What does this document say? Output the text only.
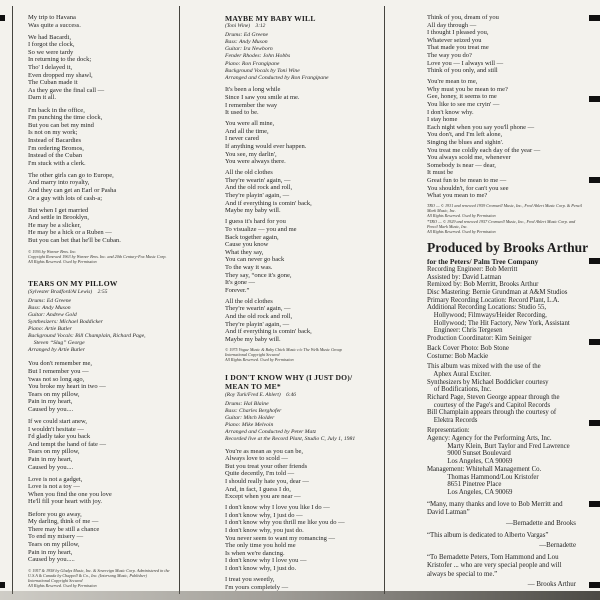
My trip to Havana
Was quite a success.
We had Bacardi,
I forgot the clock,
So we were tardy
In returning to the dock;
Tho' I delayed it,
Even dropped my shawl,
The Cuban made it
As they gave the final call —
Darn it all.
I'm back in the office,
I'm punching the time clock,
But you can bet my mind
Is not on my work;
Instead of Bacardies
I'm ordering Bromos,
Instead of the Cuban
I'm stuck with a clerk.
The other girls can go to Europe,
And marry into royalty,
And they can get an Earl or Pasha
Or a guy with lots of cash-a;
But when I get married
And settle in Brooklyn,
He may be a slicker,
He may be a hick or a Ruben —
But you can bet that he'll be Cuban.
© 1936 by Warner Bros. Inc.
Copyright Renewed 1963 by Warner Bros. Inc. and 20th Century-Fox Music Corp.
All Rights Reserved. Used by Permission
TEARS ON MY PILLOW
(Sylvester Bradford/Al Lewis)    2:55
Drums: Ed Greene
Bass: Andy Muson
Guitar: Andrew Gold
Synthesizers: Michael Boddicker
Piano: Artie Butler
Background Vocals: Bill Champlain, Richard Page,
Steven “Slug” George
Arranged by Artie Butler
You don't remember me,
But I remember you —
'twas not so long ago,
You broke my heart in two —
Tears on my pillow,
Pain in my heart,
Caused by you....
If we could start anew,
I wouldn't hesitate —
I'd gladly take you back
And tempt the hand of fate —
Tears on my pillow,
Pain in my heart,
Caused by you....
Love is not a gadget,
Love is not a toy —
When you find the one you love
He'll fill your heart with joy.
Before you go away,
My darling, think of me —
There may be still a chance
To end my misery —
Tears on my pillow,
Pain in my heart,
Caused by you.....
© 1957 & 1958 by Gladys Music, Inc. & Sovereign Music Corp. Administered in the
U.S.A & Canada by Chappell & Co., Inc. (Intersong Music, Publisher)
International Copyright Secured
All Rights Reserved. Used by Permission
MAYBE MY BABY WILL
(Toni Wine)    3:12
Drums: Ed Greene
Bass: Andy Muson
Guitar: Ira Newborn
Fender Rhodes: John Hobbs
Piano: Ron Frangipane
Background Vocals by Toni Wine
Arranged and Conducted by Ron Frangipane
It's been a long while
Since I saw you smile at me.
I remember the way
It used to be.
You were all mine,
And all the time,
I never cared
If anything would ever happen.
You see, my darlin',
You were always there.
All the old clothes
They're wearin' again, —
And the old rock and roll,
They're playin' again, —
And if everything is comin' back,
Maybe my baby will.
I guess it's hard for you
To visualize — you and me
Back together again,
Cause you know
What they say,
You can never go back
To the way it was.
They say, “once it's gone,
It's gone —
Forever.”
All the old clothes
They're wearin' again, —
And the old rock and roll,
They're playin' again, —
And if everything is comin' back,
Maybe my baby will.
© 1975 Vogue Music & Baby Chick Music c/o The Welk Music Group
International Copyright Secured
All Rights Reserved. Used by Permission
I DON'T KNOW WHY (I JUST DO)/
MEAN TO ME*
(Roy Turk/Fred E. Ahlert)    6:46
Drums: Hal Blaine
Bass: Charles Berghofer
Guitar: Mitch Holder
Piano: Mike Melvoin
Arranged and Conducted by Peter Matz
Recorded live at the Record Plant, Studio C, July 1, 1981
You're as mean as you can be,
Always love to scold —
But you treat your other friends
Quite decently, I'm told —
I should really hate you, dear —
And, in fact, I guess I do,
Except when you are near —
I don't know why I love you like I do —
I don't know why, I just do —
I don't know why you thrill me like you do —
I don't know why, you just do.
You never seem to want my romancing —
The only time you hold me
Is when we're dancing.
I don't know why I love you —
I don't know why, I just do.
I treat you sweetly,
I'm yours completely —
Think of you, dream of you
All day through —
I thought I pleased you,
Whatever seized you
That made you treat me
The way you do?
Love you — I always will —
Think of you only, and still
You're mean to me,
Why must you be mean to me?
Gee, honey, it seems to me
You like to see me cryin' —
I don't know why.
I stay home
Each night when you say you'll phone —
You don't, and I'm left alone,
Singing the blues and sighin'.
You treat me coldly each day of the year —
You always scold me, whenever
Somebody is near — dear,
It must be
Great fun to be mean to me —
You shouldn't, for can't you see
What you mean to me?
TRO — © 1931 and renewed 1959 Cromwell Music, Inc., Fred Ahlert Music Corp. & Pencil
Mark Music, Inc.
All Rights Reserved. Used by Permission
*TRO — © 1929 and renewed 1957 Cromwell Music, Inc., Fred Ahlert Music Corp. and
Pencil Mark Music, Inc.
All Rights Reserved. Used by Permission
Produced by Brooks Arthur
for the Peters/ Palm Tree Company
Recording Engineer: Bob Merritt
Assisted by: David Latman
Remixed by: Bob Merritt, Brooks Arthur
Disc Mastering: Bernie Grundman at A&M Studios
Primary Recording Location: Record Plant, L.A.
Additional Recording Locations: Studio 55,
Hollywood; Filmways/Heider Recording,
Hollywood; The Hit Factory, New York, Assistant
Engineer: Chris Tergesen
Production Coordinator: Kim Seiniger
Back Cover Photo: Bob Stone
Costume: Bob Mackie
This album was mixed with the use of the
Aphex Aural Exciter.
Synthesizers by Michael Boddicker courtesy
of Bodifications, Inc.
Richard Page, Steven George appear through the
courtesy of the Page's and Capitol Records
Bill Champlain appears through the courtesy of
Elektra Records
Representation:
Agency: Agency for the Performing Arts, Inc.
Marty Klein, Burt Taylor and Fred Lawrence
9000 Sunset Boulevard
Los Angeles, CA 90069
Management: Whitehall Management Co.
Thomas Hammond/Lou Kristofer
8651 Pinetree Place
Los Angeles, CA 90069
“Many, many thanks and love to Bob Merritt and
David Latman”
—Bernadette and Brooks
“This album is dedicated to Alberto Vargas”
—Bernadette
“To Bernadette Peters, Tom Hammond and Lou
Kristofer ... who are very special people and will
always be special to me.”
— Brooks Arthur
